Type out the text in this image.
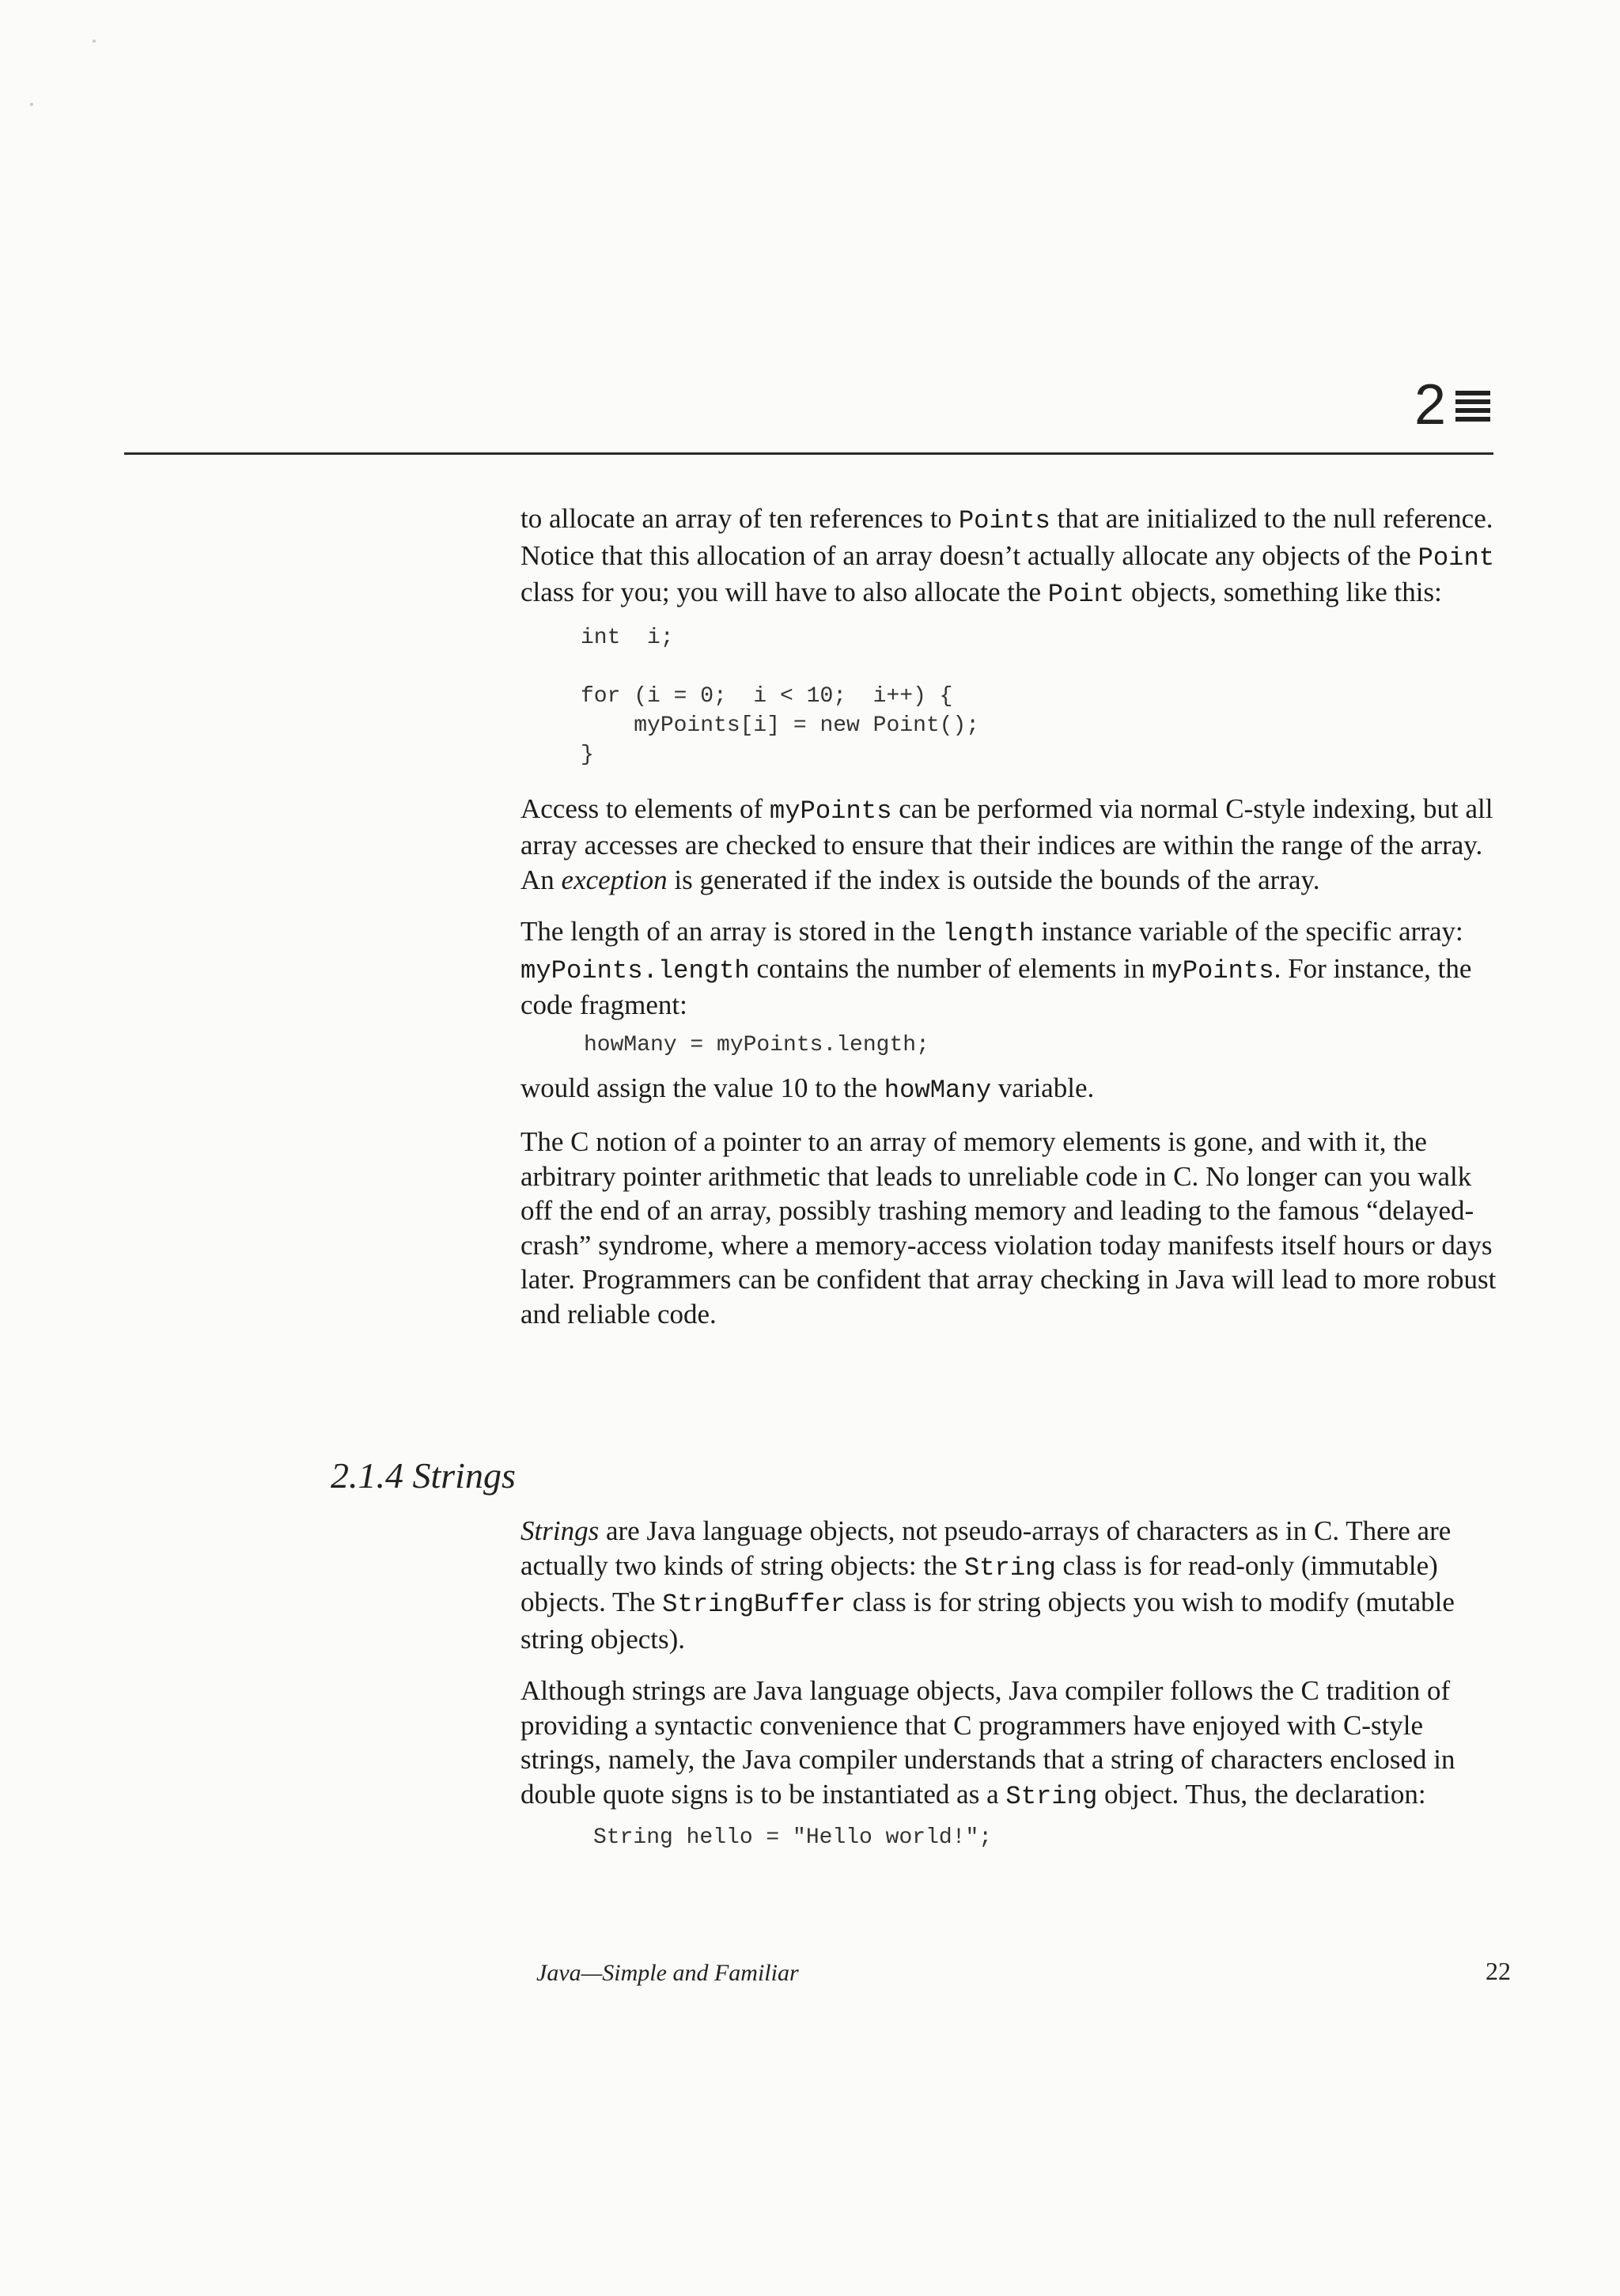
2

to allocate an array of ten references to Points that are initialized to the null reference. Notice that this allocation of an array doesn’t actually allocate any objects of the Point class for you; you will have to also allocate the Point objects, something like this:

int  i;

for (i = 0;  i < 10;  i++) {
myPoints[i] = new Point();
}

Access to elements of myPoints can be performed via normal C-style indexing, but all array accesses are checked to ensure that their indices are within the range of the array. An exception is generated if the index is outside the bounds of the array.

The length of an array is stored in the length instance variable of the specific array: myPoints.length contains the number of elements in myPoints. For instance, the code fragment:

howMany = myPoints.length;

would assign the value 10 to the howMany variable.

The C notion of a pointer to an array of memory elements is gone, and with it, the arbitrary pointer arithmetic that leads to unreliable code in C. No longer can you walk off the end of an array, possibly trashing memory and leading to the famous “delayed-crash” syndrome, where a memory-access violation today manifests itself hours or days later. Programmers can be confident that array checking in Java will lead to more robust and reliable code.

2.1.4 Strings

Strings are Java language objects, not pseudo-arrays of characters as in C. There are actually two kinds of string objects: the String class is for read-only (immutable) objects. The StringBuffer class is for string objects you wish to modify (mutable string objects).

Although strings are Java language objects, Java compiler follows the C tradition of providing a syntactic convenience that C programmers have enjoyed with C-style strings, namely, the Java compiler understands that a string of characters enclosed in double quote signs is to be instantiated as a String object. Thus, the declaration:

String hello = "Hello world!";

Java—Simple and Familiar	22
